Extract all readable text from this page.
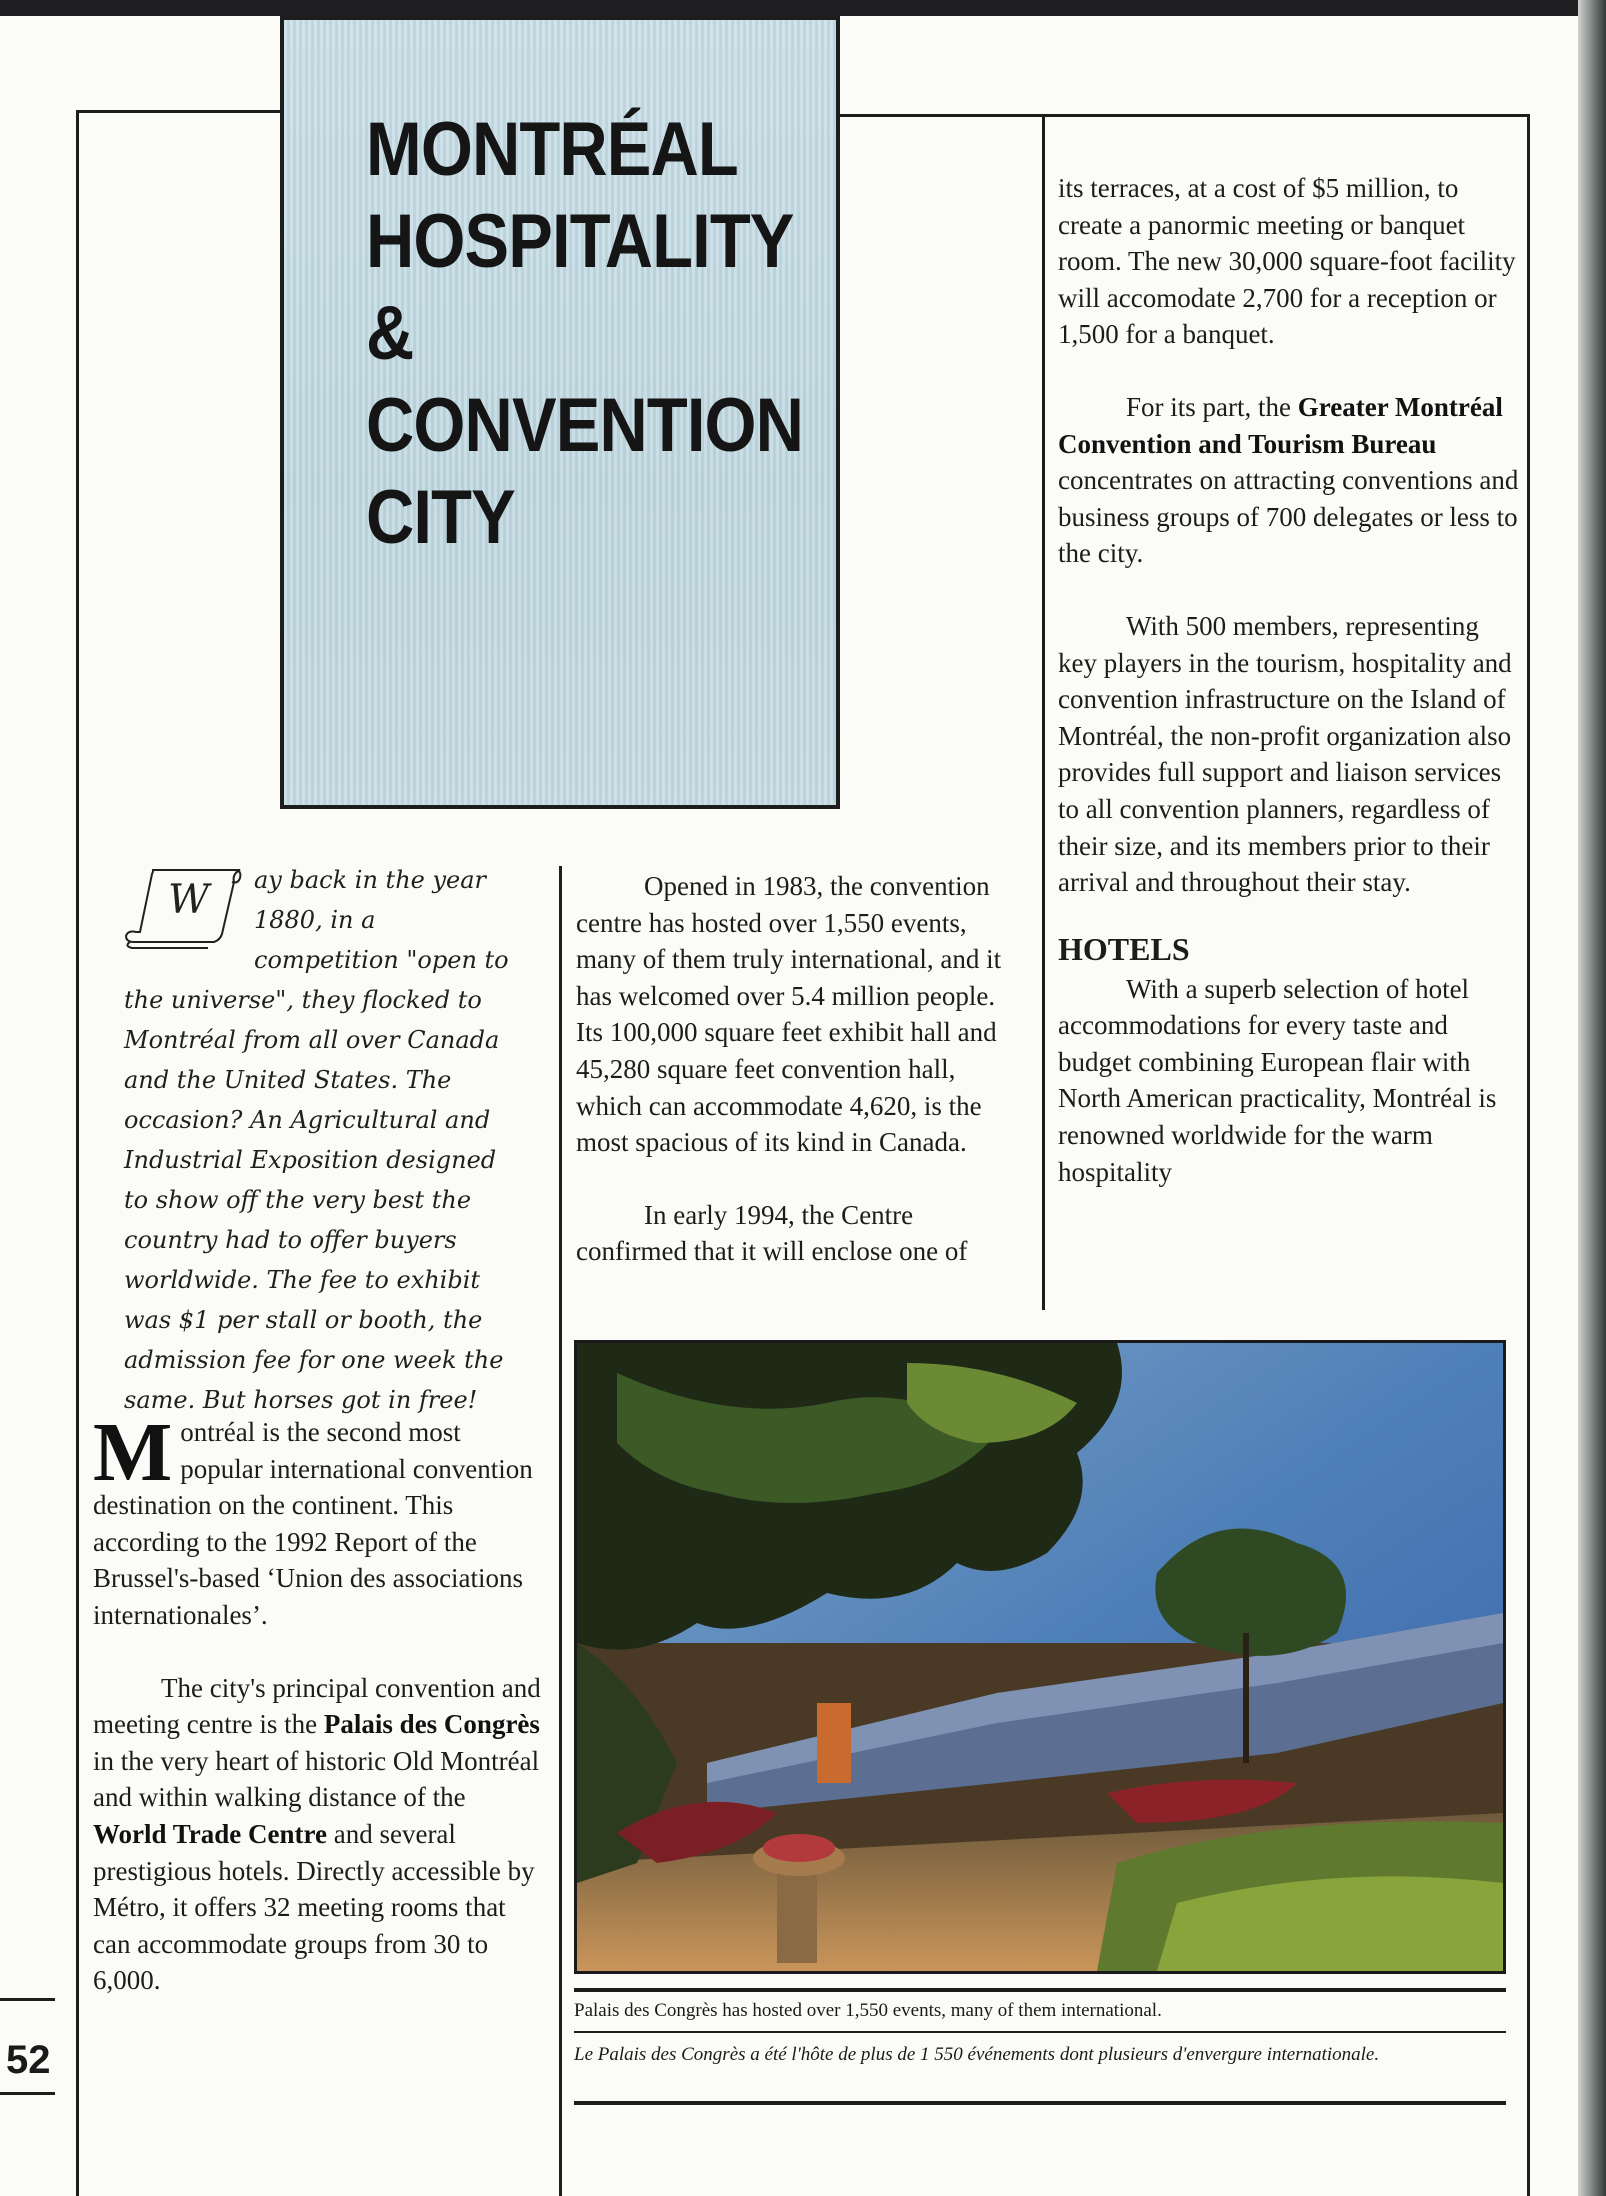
MONTRÉAL
HOSPITALITY
&
CONVENTION
CITY
W ay back in the year 1880, in a competition "open to the universe", they flocked to Montréal from all over Canada and the United States. The occasion? An Agricultural and Industrial Exposition designed to show off the very best the country had to offer buyers worldwide. The fee to exhibit was $1 per stall or booth, the admission fee for one week the same. But horses got in free!

Montréal is the second most popular international convention destination on the continent. This according to the 1992 Report of the Brussel's-based ‘Union des associations internationales’.

The city's principal convention and meeting centre is the Palais des Congrès in the very heart of historic Old Montréal and within walking distance of the World Trade Centre and several prestigious hotels. Directly accessible by Métro, it offers 32 meeting rooms that can accommodate groups from 30 to 6,000.

Opened in 1983, the convention centre has hosted over 1,550 events, many of them truly international, and it has welcomed over 5.4 million people. Its 100,000 square feet exhibit hall and 45,280 square feet convention hall, which can accommodate 4,620, is the most spacious of its kind in Canada.

In early 1994, the Centre confirmed that it will enclose one of

its terraces, at a cost of $5 million, to create a panormic meeting or banquet room. The new 30,000 square-foot facility will accomodate 2,700 for a reception or 1,500 for a banquet.

For its part, the Greater Montréal Convention and Tourism Bureau concentrates on attracting conventions and business groups of 700 delegates or less to the city.

With 500 members, representing key players in the tourism, hospitality and convention infrastructure on the Island of Montréal, the non-profit organization also provides full support and liaison services to all convention planners, regardless of their size, and its members prior to their arrival and throughout their stay.

HOTELS

With a superb selection of hotel accommodations for every taste and budget combining European flair with North American practicality, Montréal is renowned worldwide for the warm hospitality

Palais des Congrès has hosted over 1,550 events, many of them international.
Le Palais des Congrès a été l'hôte de plus de 1 550 événements dont plusieurs d'envergure internationale.
52
